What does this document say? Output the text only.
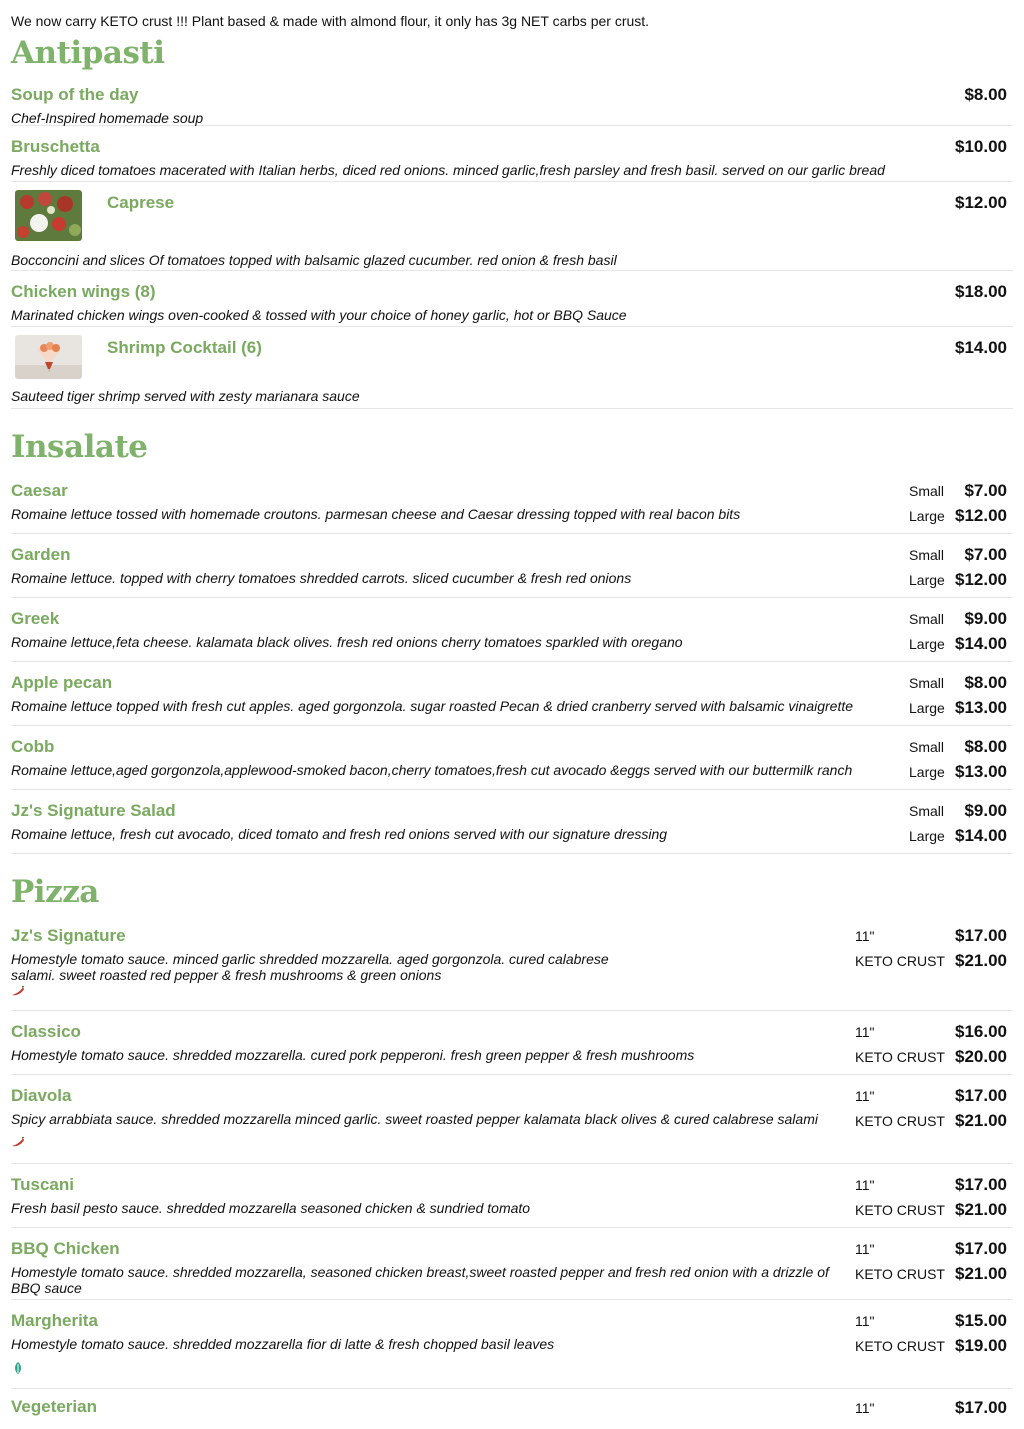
We now carry KETO crust !!! Plant based & made with almond flour, it only has 3g NET carbs per crust.

Antipasti
Soup of the day	$8.00
Chef-Inspired homemade soup
Bruschetta	$10.00
Freshly diced tomatoes macerated with Italian herbs, diced red onions. minced garlic,fresh parsley and fresh basil. served on our garlic bread
Caprese	$12.00
Bocconcini and slices Of tomatoes topped with balsamic glazed cucumber. red onion & fresh basil
Chicken wings (8)	$18.00
Marinated chicken wings oven-cooked & tossed with your choice of honey garlic, hot or BBQ Sauce
Shrimp Cocktail (6)	$14.00
Sauteed tiger shrimp served with zesty marianara sauce
Insalate
Caesar
Romaine lettuce tossed with homemade croutons. parmesan cheese and Caesar dressing topped with real bacon bits
Small $7.00
Large $12.00
Garden
Romaine lettuce. topped with cherry tomatoes shredded carrots. sliced cucumber & fresh red onions
Small $7.00
Large $12.00
Greek
Romaine lettuce,feta cheese. kalamata black olives. fresh red onions cherry tomatoes sparkled with oregano
Small $9.00
Large $14.00
Apple pecan
Romaine lettuce topped with fresh cut apples. aged gorgonzola. sugar roasted Pecan & dried cranberry served with balsamic vinaigrette
Small $8.00
Large $13.00
Cobb
Romaine lettuce,aged gorgonzola,applewood-smoked bacon,cherry tomatoes,fresh cut avocado &eggs served with our buttermilk ranch
Small $8.00
Large $13.00
Jz's Signature Salad
Romaine lettuce, fresh cut avocado, diced tomato and fresh red onions served with our signature dressing
Small $9.00
Large $14.00
Pizza
Jz's Signature
Homestyle tomato sauce. minced garlic shredded mozzarella. aged gorgonzola. cured calabrese salami. sweet roasted red pepper & fresh mushrooms & green onions
11"	$17.00
KETO CRUST $21.00
Classico
Homestyle tomato sauce. shredded mozzarella. cured pork pepperoni. fresh green pepper & fresh mushrooms
11"	$16.00
KETO CRUST $20.00
Diavola
Spicy arrabbiata sauce. shredded mozzarella minced garlic. sweet roasted pepper kalamata black olives & cured calabrese salami
11"	$17.00
KETO CRUST $21.00
Tuscani
Fresh basil pesto sauce. shredded mozzarella seasoned chicken & sundried tomato
11"	$17.00
KETO CRUST $21.00
BBQ Chicken
Homestyle tomato sauce. shredded mozzarella, seasoned chicken breast,sweet roasted pepper and fresh red onion with a drizzle of BBQ sauce
11"	$17.00
KETO CRUST $21.00
Margherita
Homestyle tomato sauce. shredded mozzarella fior di latte & fresh chopped basil leaves
11"	$15.00
KETO CRUST $19.00
Vegeterian	11"	$17.00
